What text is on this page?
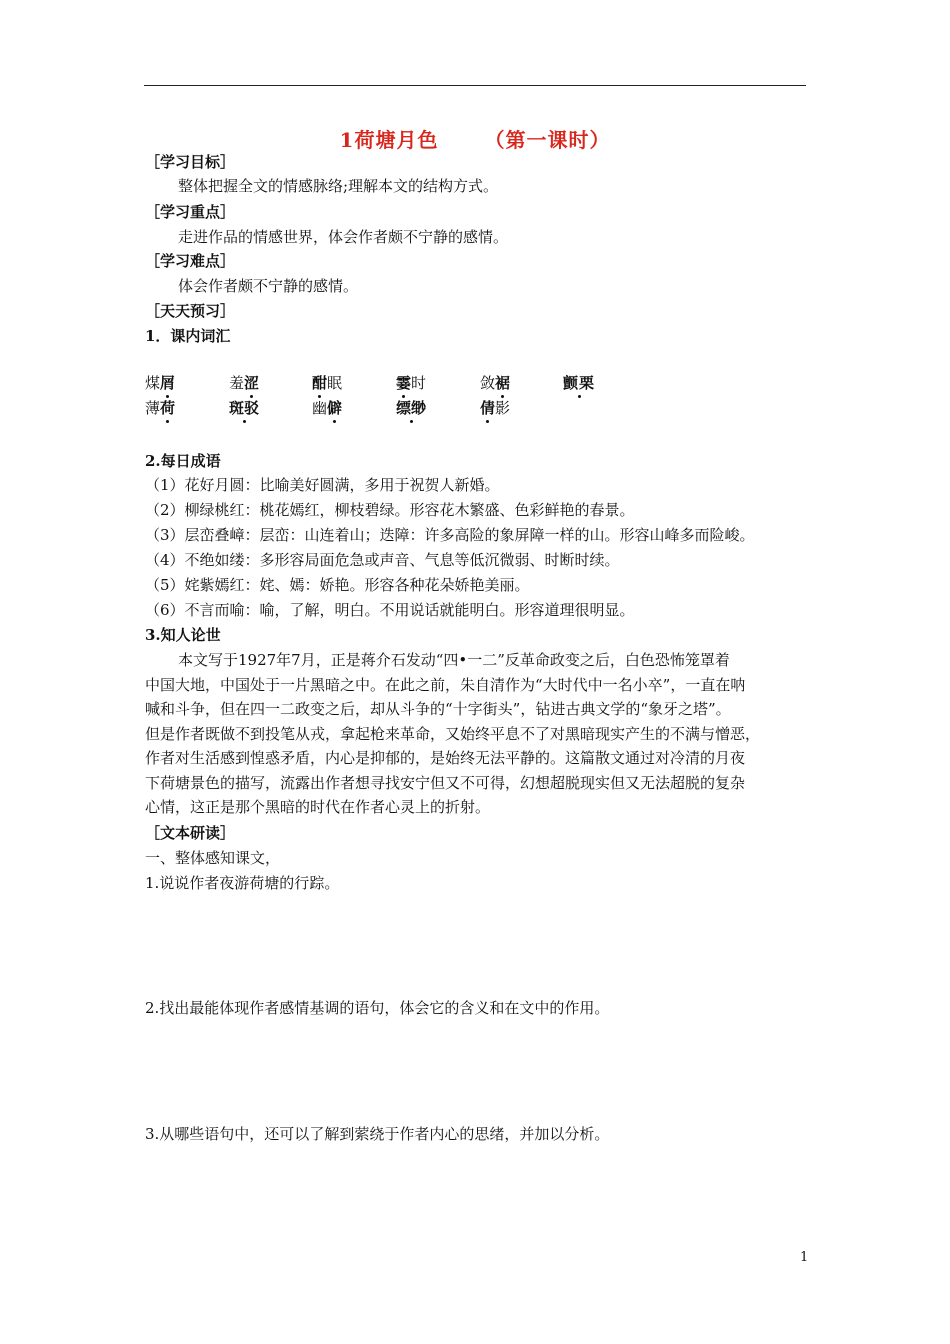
1荷塘月色 （第一课时）
［学习目标］
整体把握全文的情感脉络;理解本文的结构方式。
［学习重点］
走进作品的情感世界，体会作者颇不宁静的感情。
［学习难点］
体会作者颇不宁静的感情。
［天天预习］
1．课内词汇
煤屑	羞涩	酣眠	霎时	敛裾	颤栗
薄荷	斑驳	幽僻	缥缈	倩影
2.每日成语
（1）花好月圆：比喻美好圆满，多用于祝贺人新婚。
（2）柳绿桃红：桃花嫣红，柳枝碧绿。形容花木繁盛、色彩鲜艳的春景。
（3）层峦叠嶂：层峦：山连着山；迭障：许多高险的象屏障一样的山。形容山峰多而险峻。
（4）不绝如缕：多形容局面危急或声音、气息等低沉微弱、时断时续。
（5）姹紫嫣红：姹、嫣：娇艳。形容各种花朵娇艳美丽。
（6）不言而喻：喻，了解，明白。不用说话就能明白。形容道理很明显。
3.知人论世
本文写于1927年7月，正是蒋介石发动“四•一二”反革命政变之后，白色恐怖笼罩着
中国大地，中国处于一片黑暗之中。在此之前，朱自清作为“大时代中一名小卒”，一直在呐
喊和斗争，但在四一二政变之后，却从斗争的“十字街头”，钻进古典文学的“象牙之塔”。
但是作者既做不到投笔从戎，拿起枪来革命，又始终平息不了对黑暗现实产生的不满与憎恶，
作者对生活感到惶惑矛盾，内心是抑郁的，是始终无法平静的。这篇散文通过对冷清的月夜
下荷塘景色的描写，流露出作者想寻找安宁但又不可得，幻想超脱现实但又无法超脱的复杂
心情，这正是那个黑暗的时代在作者心灵上的折射。
［文本研读］
一、整体感知课文，
1.说说作者夜游荷塘的行踪。
2.找出最能体现作者感情基调的语句，体会它的含义和在文中的作用。
3.从哪些语句中，还可以了解到萦绕于作者内心的思绪，并加以分析。
1
